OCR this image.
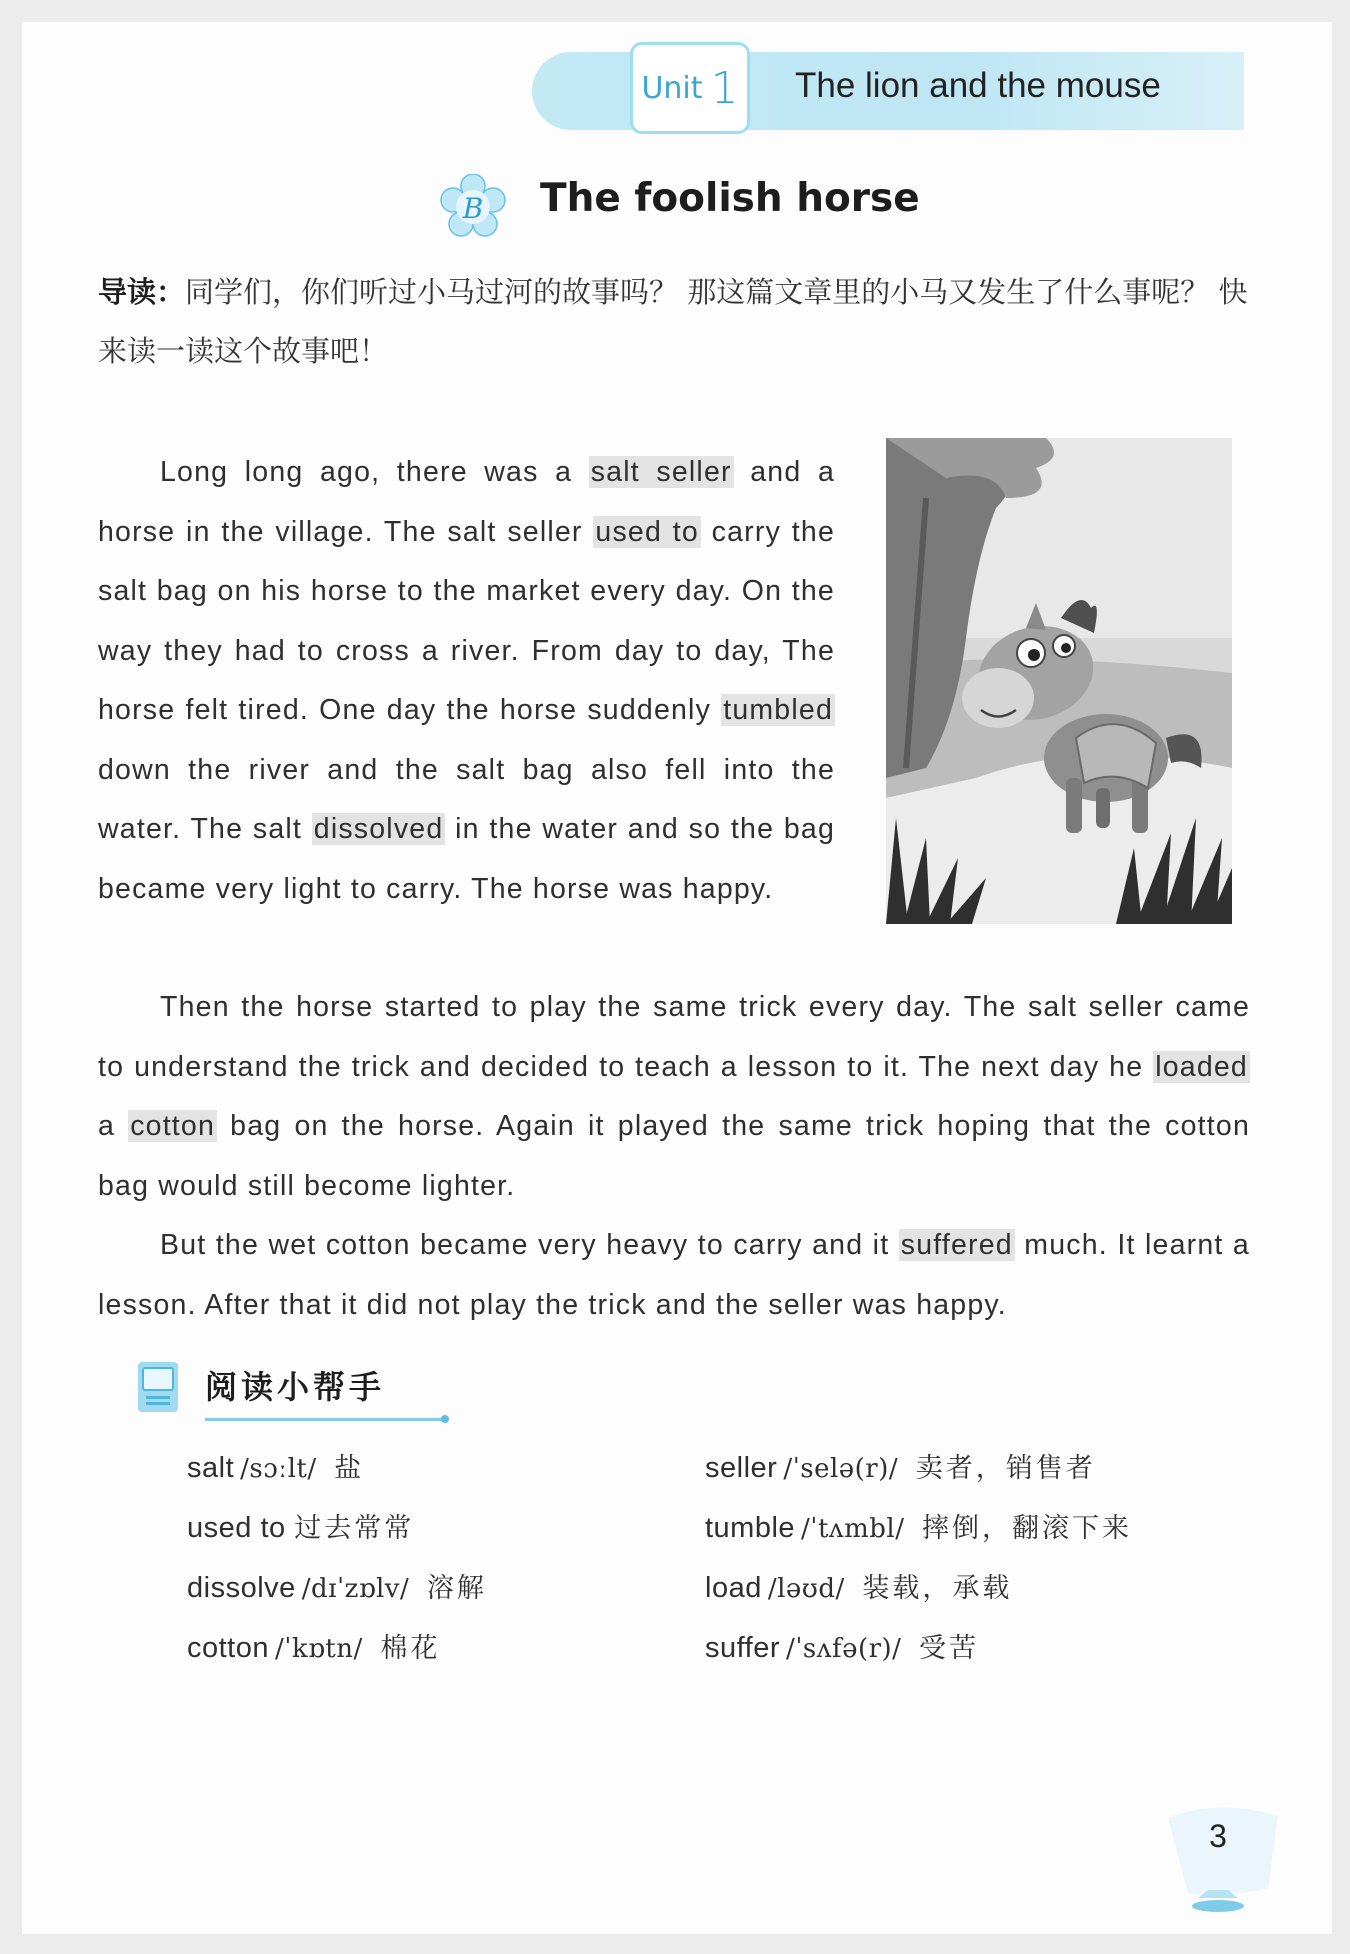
Unit 1 The lion and the mouse
B The foolish horse
导读：同学们，你们听过小马过河的故事吗？ 那这篇文章里的小马又发生了什么事呢？ 快来读一读这个故事吧！
Long long ago, there was a salt seller and a horse in the village. The salt seller used to carry the salt bag on his horse to the market every day. On the way they had to cross a river. From day to day, The horse felt tired. One day the horse suddenly tumbled down the river and the salt bag also fell into the water. The salt dissolved in the water and so the bag became very light to carry. The horse was happy.
Then the horse started to play the same trick every day. The salt seller came to understand the trick and decided to teach a lesson to it. The next day he loaded a cotton bag on the horse. Again it played the same trick hoping that the cotton bag would still become lighter.
But the wet cotton became very heavy to carry and it suffered much. It learnt a lesson. After that it did not play the trick and the seller was happy.
阅读小帮手
salt /sɔːlt/ 盐	seller /ˈselə(r)/ 卖者，销售者
used to 过去常常	tumble /ˈtʌmbl/ 摔倒，翻滚下来
dissolve /dɪˈzɒlv/ 溶解	load /ləʊd/ 装载，承载
cotton /ˈkɒtn/ 棉花	suffer /ˈsʌfə(r)/ 受苦
3
